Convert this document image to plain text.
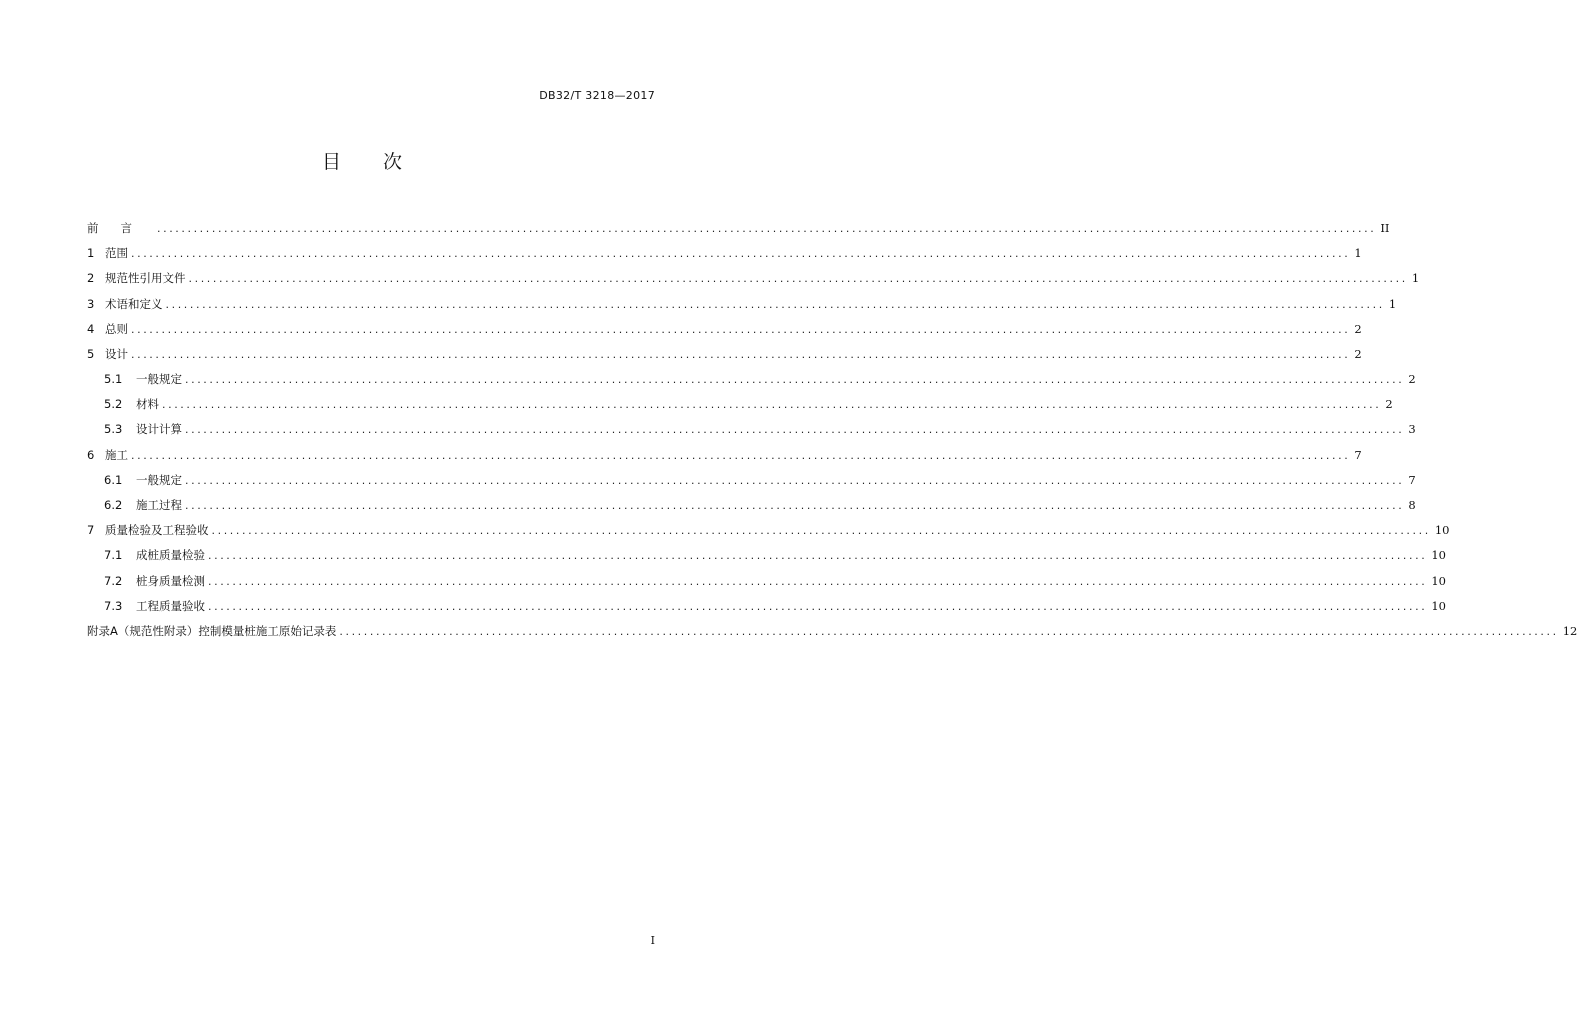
DB32/T 3218—2017
目 次
前言 ........................................................................................................................................................................................................ II
1 范围 ........................................................................................................................................................................................................ 1
2 规范性引用文件 ........................................................................................................................................................................................................ 1
3 术语和定义 ........................................................................................................................................................................................................ 1
4 总则 ........................................................................................................................................................................................................ 2
5 设计 ........................................................................................................................................................................................................ 2
5.1	一般规定 ........................................................................................................................................................................................................ 2
5.2	材料 ........................................................................................................................................................................................................ 2
5.3	设计计算 ........................................................................................................................................................................................................ 3
6 施工 ........................................................................................................................................................................................................ 7
6.1	一般规定 ........................................................................................................................................................................................................ 7
6.2	施工过程 ........................................................................................................................................................................................................ 8
7 质量检验及工程验收 ........................................................................................................................................................................................................ 10
7.1	成桩质量检验 ........................................................................................................................................................................................................ 10
7.2	桩身质量检测 ........................................................................................................................................................................................................ 10
7.3	工程质量验收 ........................................................................................................................................................................................................ 10
附录A（规范性附录）控制模量桩施工原始记录表 ........................................................................................................................................................................................................ 12
I
